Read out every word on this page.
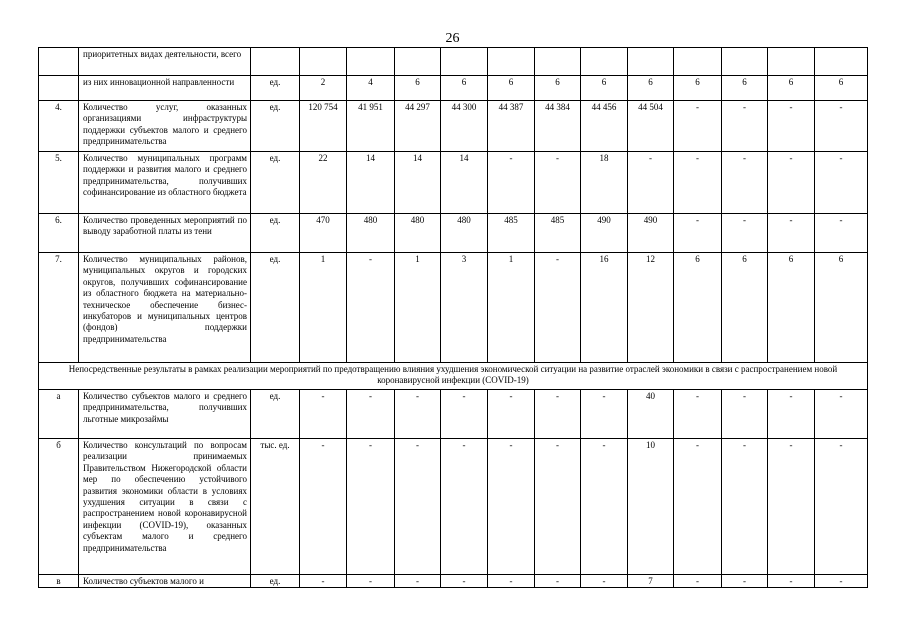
26
	приоритетных видах деятельности, всего													
	из них инновационной направленности	ед.	2	4	6	6	6	6	6	6	6	6	6	6
4.	Количество услуг, оказанных организациями инфраструктуры поддержки субъектов малого и среднего предпринимательства	ед.	120 754	41 951	44 297	44 300	44 387	44 384	44 456	44 504	-	-	-	-
5.	Количество муниципальных программ поддержки и развития малого и среднего предпринимательства, получивших софинансирование из областного бюджета	ед.	22	14	14	14	-	-	18	-	-	-	-	-
6.	Количество проведенных мероприятий по выводу заработной платы из тени	ед.	470	480	480	480	485	485	490	490	-	-	-	-
7.	Количество муниципальных районов, муниципальных округов и городских округов, получивших софинансирование из областного бюджета на материально-техническое обеспечение бизнес-инкубаторов и муниципальных центров (фондов) поддержки предпринимательства	ед.	1	-	1	3	1	-	16	12	6	6	6	6
Непосредственные результаты в рамках реализации мероприятий по предотвращению влияния ухудшения экономической ситуации на развитие отраслей экономики в связи с распространением новой коронавирусной инфекции (COVID-19)														
а	Количество субъектов малого и среднего предпринимательства, получивших льготные микрозаймы	ед.	-	-	-	-	-	-	-	40	-	-	-	-
б	Количество консультаций по вопросам реализации принимаемых Правительством Нижегородской области мер по обеспечению устойчивого развития экономики области в условиях ухудшения ситуации в связи с распространением новой коронавирусной инфекции (COVID-19), оказанных субъектам малого и среднего предпринимательства	тыс. ед.	-	-	-	-	-	-	-	10	-	-	-	-
в	Количество субъектов малого и	ед.	-	-	-	-	-	-	-	7	-	-	-	-
